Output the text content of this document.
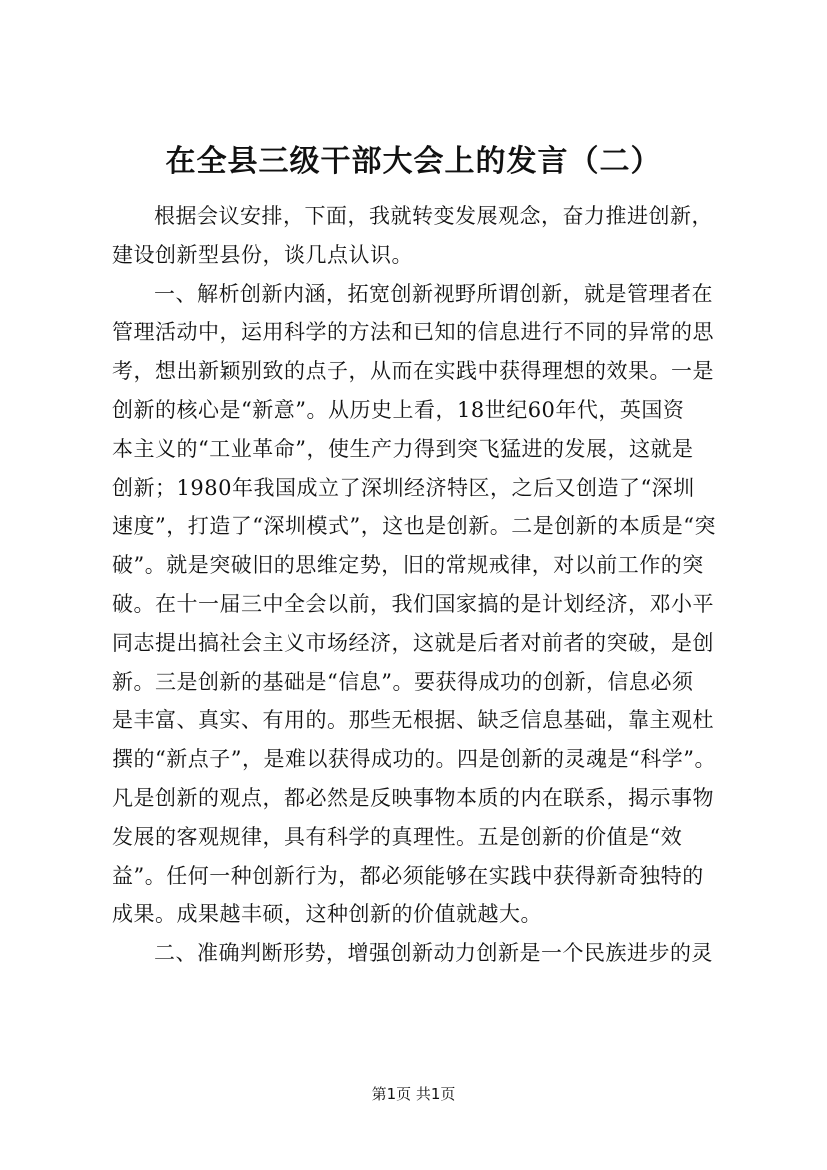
在全县三级干部大会上的发言（二）
根据会议安排，下面，我就转变发展观念，奋力推进创新，
建设创新型县份，谈几点认识。
一、解析创新内涵，拓宽创新视野所谓创新，就是管理者在
管理活动中，运用科学的方法和已知的信息进行不同的异常的思
考，想出新颖别致的点子，从而在实践中获得理想的效果。一是
创新的核心是“新意”。从历史上看，18世纪60年代，英国资
本主义的“工业革命”，使生产力得到突飞猛进的发展，这就是
创新；1980年我国成立了深圳经济特区，之后又创造了“深圳
速度”，打造了“深圳模式”，这也是创新。二是创新的本质是“突
破”。就是突破旧的思维定势，旧的常规戒律，对以前工作的突
破。在十一届三中全会以前，我们国家搞的是计划经济，邓小平
同志提出搞社会主义市场经济，这就是后者对前者的突破，是创
新。三是创新的基础是“信息”。要获得成功的创新，信息必须
是丰富、真实、有用的。那些无根据、缺乏信息基础，靠主观杜
撰的“新点子”，是难以获得成功的。四是创新的灵魂是“科学”。
凡是创新的观点，都必然是反映事物本质的内在联系，揭示事物
发展的客观规律，具有科学的真理性。五是创新的价值是“效
益”。任何一种创新行为，都必须能够在实践中获得新奇独特的
成果。成果越丰硕，这种创新的价值就越大。
二、准确判断形势，增强创新动力创新是一个民族进步的灵
第1页 共1页
